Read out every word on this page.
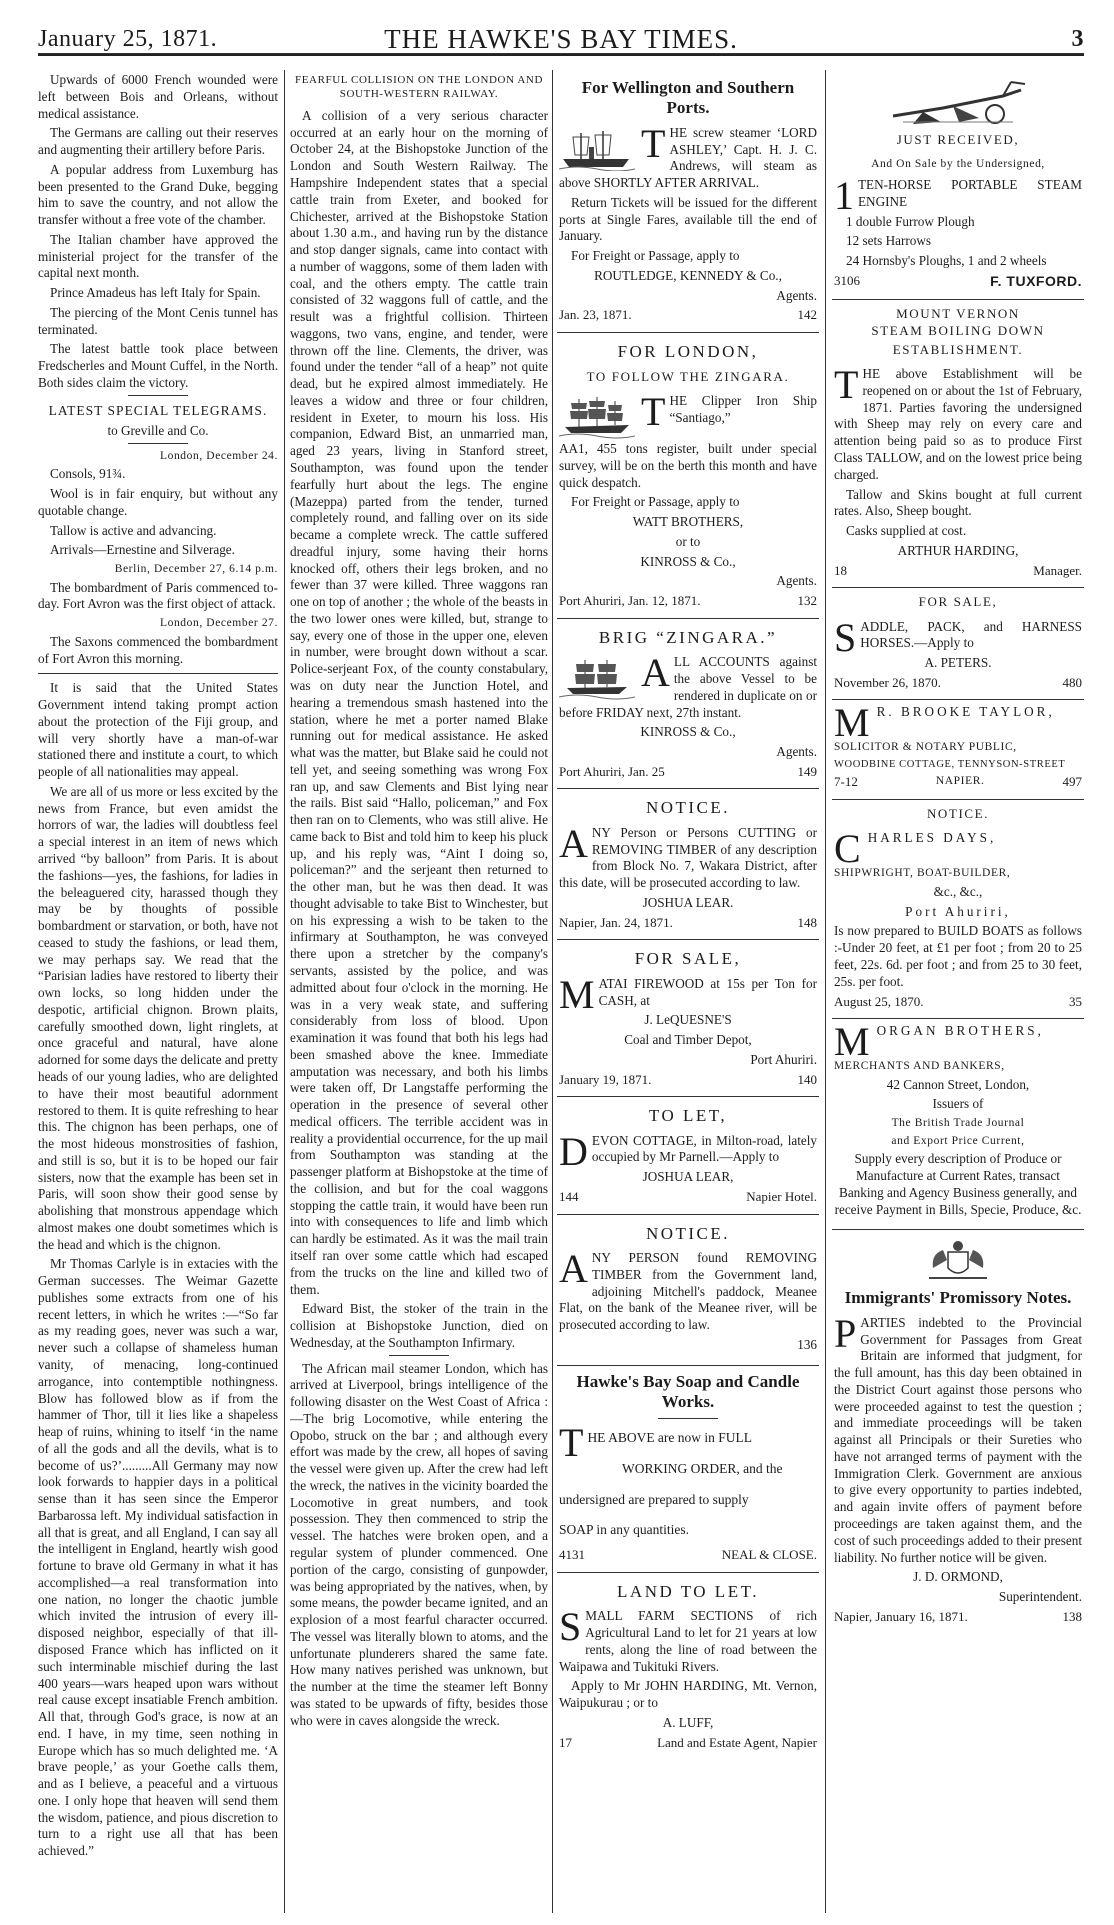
January 25, 1871.	THE HAWKE'S BAY TIMES.	3

Upwards of 6000 French wounded were left between Bois and Orleans, without medical assistance.

The Germans are calling out their reserves and augmenting their artillery before Paris.

A popular address from Luxemburg has been presented to the Grand Duke, begging him to save the country, and not allow the transfer without a free vote of the chamber.

The Italian chamber have approved the ministerial project for the transfer of the capital next month.

Prince Amadeus has left Italy for Spain.

The piercing of the Mont Cenis tunnel has terminated.

The latest battle took place between Fredscherles and Mount Cuffel, in the North. Both sides claim the victory.

LATEST SPECIAL TELEGRAMS.
to Greville and Co.

London, December 24.

Consols, 91¾.

Wool is in fair enquiry, but without any quotable change.

Tallow is active and advancing.

Arrivals—Ernestine and Silverage.

Berlin, December 27, 6.14 p.m.

The bombardment of Paris commenced to-day. Fort Avron was the first object of attack.

London, December 27.

The Saxons commenced the bombardment of Fort Avron this morning.

It is said that the United States Government intend taking prompt action about the protection of the Fiji group, and will very shortly have a man-of-war stationed there and institute a court, to which people of all nationalities may appeal.

We are all of us more or less excited by the news from France, but even amidst the horrors of war, the ladies will doubtless feel a special interest in an item of news which arrived “by balloon” from Paris. It is about the fashions—yes, the fashions, for ladies in the beleaguered city, harassed though they may be by thoughts of possible bombardment or starvation, or both, have not ceased to study the fashions, or lead them, we may perhaps say. We read that the “Parisian ladies have restored to liberty their own locks, so long hidden under the despotic, artificial chignon. Brown plaits, carefully smoothed down, light ringlets, at once graceful and natural, have alone adorned for some days the delicate and pretty heads of our young ladies, who are delighted to have their most beautiful adornment restored to them. It is quite refreshing to hear this. The chignon has been perhaps, one of the most hideous monstrosities of fashion, and still is so, but it is to be hoped our fair sisters, now that the example has been set in Paris, will soon show their good sense by abolishing that monstrous appendage which almost makes one doubt sometimes which is the head and which is the chignon.

Mr Thomas Carlyle is in extacies with the German successes. The Weimar Gazette publishes some extracts from one of his recent letters, in which he writes :—“So far as my reading goes, never was such a war, never such a collapse of shameless human vanity, of menacing, long-continued arrogance, into contemptible nothingness. Blow has followed blow as if from the hammer of Thor, till it lies like a shapeless heap of ruins, whining to itself ‘in the name of all the gods and all the devils, what is to become of us?’.........All Germany may now look forwards to happier days in a political sense than it has seen since the Emperor Barbarossa left. My individual satisfaction in all that is great, and all England, I can say all the intelligent in England, heartly wish good fortune to brave old Germany in what it has accomplished—a real transformation into one nation, no longer the chaotic jumble which invited the intrusion of every ill-disposed neighbor, especially of that ill-disposed France which has inflicted on it such interminable mischief during the last 400 years—wars heaped upon wars without real cause except insatiable French ambition. All that, through God's grace, is now at an end. I have, in my time, seen nothing in Europe which has so much delighted me. ‘A brave people,’ as your Goethe calls them, and as I believe, a peaceful and a virtuous one. I only hope that heaven will send them the wisdom, patience, and pious discretion to turn to a right use all that has been achieved.”

FEARFUL COLLISION ON THE LONDON AND SOUTH-WESTERN RAILWAY.

A collision of a very serious character occurred at an early hour on the morning of October 24, at the Bishopstoke Junction of the London and South Western Railway. The Hampshire Independent states that a special cattle train from Exeter, and booked for Chichester, arrived at the Bishopstoke Station about 1.30 a.m., and having run by the distance and stop danger signals, came into contact with a number of waggons, some of them laden with coal, and the others empty. The cattle train consisted of 32 waggons full of cattle, and the result was a frightful collision. Thirteen waggons, two vans, engine, and tender, were thrown off the line. Clements, the driver, was found under the tender “all of a heap” not quite dead, but he expired almost immediately. He leaves a widow and three or four children, resident in Exeter, to mourn his loss. His companion, Edward Bist, an unmarried man, aged 23 years, living in Stanford street, Southampton, was found upon the tender fearfully hurt about the legs. The engine (Mazeppa) parted from the tender, turned completely round, and falling over on its side became a complete wreck. The cattle suffered dreadful injury, some having their horns knocked off, others their legs broken, and no fewer than 37 were killed. Three waggons ran one on top of another ; the whole of the beasts in the two lower ones were killed, but, strange to say, every one of those in the upper one, eleven in number, were brought down without a scar. Police-serjeant Fox, of the county constabulary, was on duty near the Junction Hotel, and hearing a tremendous smash hastened into the station, where he met a porter named Blake running out for medical assistance. He asked what was the matter, but Blake said he could not tell yet, and seeing something was wrong Fox ran up, and saw Clements and Bist lying near the rails. Bist said “Hallo, policeman,” and Fox then ran on to Clements, who was still alive. He came back to Bist and told him to keep his pluck up, and his reply was, “Aint I doing so, policeman?” and the serjeant then returned to the other man, but he was then dead. It was thought advisable to take Bist to Winchester, but on his expressing a wish to be taken to the infirmary at Southampton, he was conveyed there upon a stretcher by the company's servants, assisted by the police, and was admitted about four o'clock in the morning. He was in a very weak state, and suffering considerably from loss of blood. Upon examination it was found that both his legs had been smashed above the knee. Immediate amputation was necessary, and both his limbs were taken off, Dr Langstaffe performing the operation in the presence of several other medical officers. The terrible accident was in reality a providential occurrence, for the up mail from Southampton was standing at the passenger platform at Bishopstoke at the time of the collision, and but for the coal waggons stopping the cattle train, it would have been run into with consequences to life and limb which can hardly be estimated. As it was the mail train itself ran over some cattle which had escaped from the trucks on the line and killed two of them.

Edward Bist, the stoker of the train in the collision at Bishopstoke Junction, died on Wednesday, at the Southampton Infirmary.

The African mail steamer London, which has arrived at Liverpool, brings intelligence of the following disaster on the West Coast of Africa :—The brig Locomotive, while entering the Opobo, struck on the bar ; and although every effort was made by the crew, all hopes of saving the vessel were given up. After the crew had left the wreck, the natives in the vicinity boarded the Locomotive in great numbers, and took possession. They then commenced to strip the vessel. The hatches were broken open, and a regular system of plunder commenced. One portion of the cargo, consisting of gunpowder, was being appropriated by the natives, when, by some means, the powder became ignited, and an explosion of a most fearful character occurred. The vessel was literally blown to atoms, and the unfortunate plunderers shared the same fate. How many natives perished was unknown, but the number at the time the steamer left Bonny was stated to be upwards of fifty, besides those who were in caves alongside the wreck.

For Wellington and Southern Ports.

THE screw steamer ‘LORD ASHLEY,’ Capt. H. J. C. Andrews, will steam as above SHORTLY AFTER ARRIVAL.

Return Tickets will be issued for the different ports at Single Fares, available till the end of January.

For Freight or Passage, apply to

ROUTLEDGE, KENNEDY & Co.,

Agents.

Jan. 23, 1871.	142
FOR LONDON,
TO FOLLOW THE ZINGARA.

THE Clipper Iron Ship “Santiago,”

AA1, 455 tons register, built under special survey, will be on the berth this month and have quick despatch.

For Freight or Passage, apply to

WATT BROTHERS,

or to

KINROSS & Co.,

Agents.

Port Ahuriri, Jan. 12, 1871.	132
BRIG “ZINGARA.”

ALL ACCOUNTS against the above Vessel to be rendered in duplicate on or before FRIDAY next, 27th instant.

KINROSS & Co.,

Agents.

Port Ahuriri, Jan. 25	149
NOTICE.

ANY Person or Persons CUTTING or REMOVING TIMBER of any description from Block No. 7, Wakara District, after this date, will be prosecuted according to law.

JOSHUA LEAR.

Napier, Jan. 24, 1871.	148
FOR SALE,

MATAI FIREWOOD at 15s per Ton for CASH, at

J. LeQUESNE'S

Coal and Timber Depot,

Port Ahuriri.

January 19, 1871.	140
TO LET,

DEVON COTTAGE, in Milton-road, lately occupied by Mr Parnell.—Apply to

JOSHUA LEAR,

144	Napier Hotel.
NOTICE.

ANY PERSON found REMOVING TIMBER from the Government land, adjoining Mitchell's paddock, Meanee Flat, on the bank of the Meanee river, will be prosecuted according to law.

136

Hawke's Bay Soap and Candle Works.

THE ABOVE are now in FULL

WORKING ORDER, and the

undersigned are prepared to supply

SOAP in any quantities.

4131	NEAL & CLOSE.
LAND TO LET.

SMALL FARM SECTIONS of rich Agricultural Land to let for 21 years at low rents, along the line of road between the Waipawa and Tukituki Rivers.

Apply to Mr JOHN HARDING, Mt. Vernon, Waipukurau ; or to

A. LUFF,

17	Land and Estate Agent, Napier
JUST RECEIVED,
And On Sale by the Undersigned,

1 TEN-HORSE PORTABLE STEAM ENGINE

1 double Furrow Plough

12 sets Harrows

24 Hornsby's Ploughs, 1 and 2 wheels

3106	F. TUXFORD.
MOUNT VERNON
STEAM BOILING DOWN
ESTABLISHMENT.

THE above Establishment will be reopened on or about the 1st of February, 1871. Parties favoring the undersigned with Sheep may rely on every care and attention being paid so as to produce First Class TALLOW, and on the lowest price being charged.

Tallow and Skins bought at full current rates. Also, Sheep bought.

Casks supplied at cost.

ARTHUR HARDING,

18	Manager.
FOR SALE,

SADDLE, PACK, and HARNESS HORSES.—Apply to

A. PETERS.

November 26, 1870.	480

M R. BROOKE TAYLOR,

SOLICITOR & NOTARY PUBLIC,

WOODBINE COTTAGE, TENNYSON-STREET

7-12	NAPIER.	497
NOTICE.

CHARLES DAYS,

SHIPWRIGHT, BOAT-BUILDER,

&c., &c.,

Port Ahuriri,

Is now prepared to BUILD BOATS as follows :-Under 20 feet, at £1 per foot ; from 20 to 25 feet, 22s. 6d. per foot ; and from 25 to 30 feet, 25s. per foot.

August 25, 1870.	35

MORGAN BROTHERS,

MERCHANTS AND BANKERS,

42 Cannon Street, London,

Issuers of

The British Trade Journal

and Export Price Current,

Supply every description of Produce or Manufacture at Current Rates, transact Banking and Agency Business generally, and receive Payment in Bills, Specie, Produce, &c.

Immigrants' Promissory Notes.

PARTIES indebted to the Provincial Government for Passages from Great Britain are informed that judgment, for the full amount, has this day been obtained in the District Court against those persons who were proceeded against to test the question ; and immediate proceedings will be taken against all Principals or their Sureties who have not arranged terms of payment with the Immigration Clerk. Government are anxious to give every opportunity to parties indebted, and again invite offers of payment before proceedings are taken against them, and the cost of such proceedings added to their present liability. No further notice will be given.

J. D. ORMOND,

Superintendent.

Napier, January 16, 1871.	138
